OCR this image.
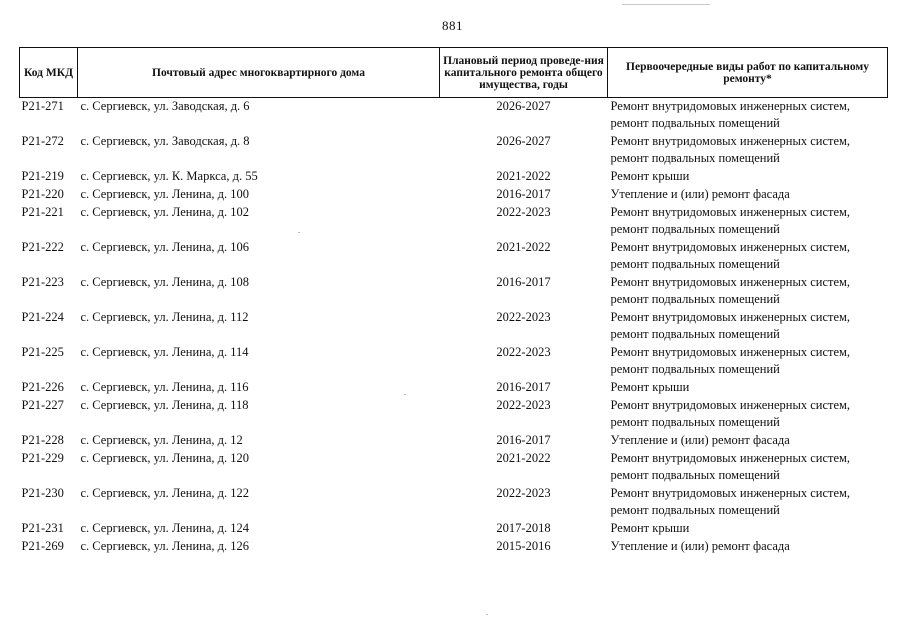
881
Код МКД	Почтовый адрес многоквартирного дома	Плановый период проведе-ния капитального ремонта общего имущества, годы	Первоочередные виды работ по капитальному ремонту*
Р21-271	с. Сергиевск, ул. Заводская, д. 6	2026-2027	Ремонт внутридомовых инженерных систем,
ремонт подвальных помещений

Р21-272	с. Сергиевск, ул. Заводская, д. 8	2026-2027	Ремонт внутридомовых инженерных систем,
ремонт подвальных помещений

Р21-219	с. Сергиевск, ул. К. Маркса, д. 55	2021-2022	Ремонт крыши

Р21-220	с. Сергиевск, ул. Ленина, д. 100	2016-2017	Утепление и (или) ремонт фасада

Р21-221	с. Сергиевск, ул. Ленина, д. 102	2022-2023	Ремонт внутридомовых инженерных систем,
ремонт подвальных помещений

Р21-222	с. Сергиевск, ул. Ленина, д. 106	2021-2022	Ремонт внутридомовых инженерных систем,
ремонт подвальных помещений

Р21-223	с. Сергиевск, ул. Ленина, д. 108	2016-2017	Ремонт внутридомовых инженерных систем,
ремонт подвальных помещений

Р21-224	с. Сергиевск, ул. Ленина, д. 112	2022-2023	Ремонт внутридомовых инженерных систем,
ремонт подвальных помещений

Р21-225	с. Сергиевск, ул. Ленина, д. 114	2022-2023	Ремонт внутридомовых инженерных систем,
ремонт подвальных помещений

Р21-226	с. Сергиевск, ул. Ленина, д. 116	2016-2017	Ремонт крыши

Р21-227	с. Сергиевск, ул. Ленина, д. 118	2022-2023	Ремонт внутридомовых инженерных систем,
ремонт подвальных помещений

Р21-228	с. Сергиевск, ул. Ленина, д. 12	2016-2017	Утепление и (или) ремонт фасада

Р21-229	с. Сергиевск, ул. Ленина, д. 120	2021-2022	Ремонт внутридомовых инженерных систем,
ремонт подвальных помещений

Р21-230	с. Сергиевск, ул. Ленина, д. 122	2022-2023	Ремонт внутридомовых инженерных систем,
ремонт подвальных помещений

Р21-231	с. Сергиевск, ул. Ленина, д. 124	2017-2018	Ремонт крыши

Р21-269	с. Сергиевск, ул. Ленина, д. 126	2015-2016	Утепление и (или) ремонт фасада
